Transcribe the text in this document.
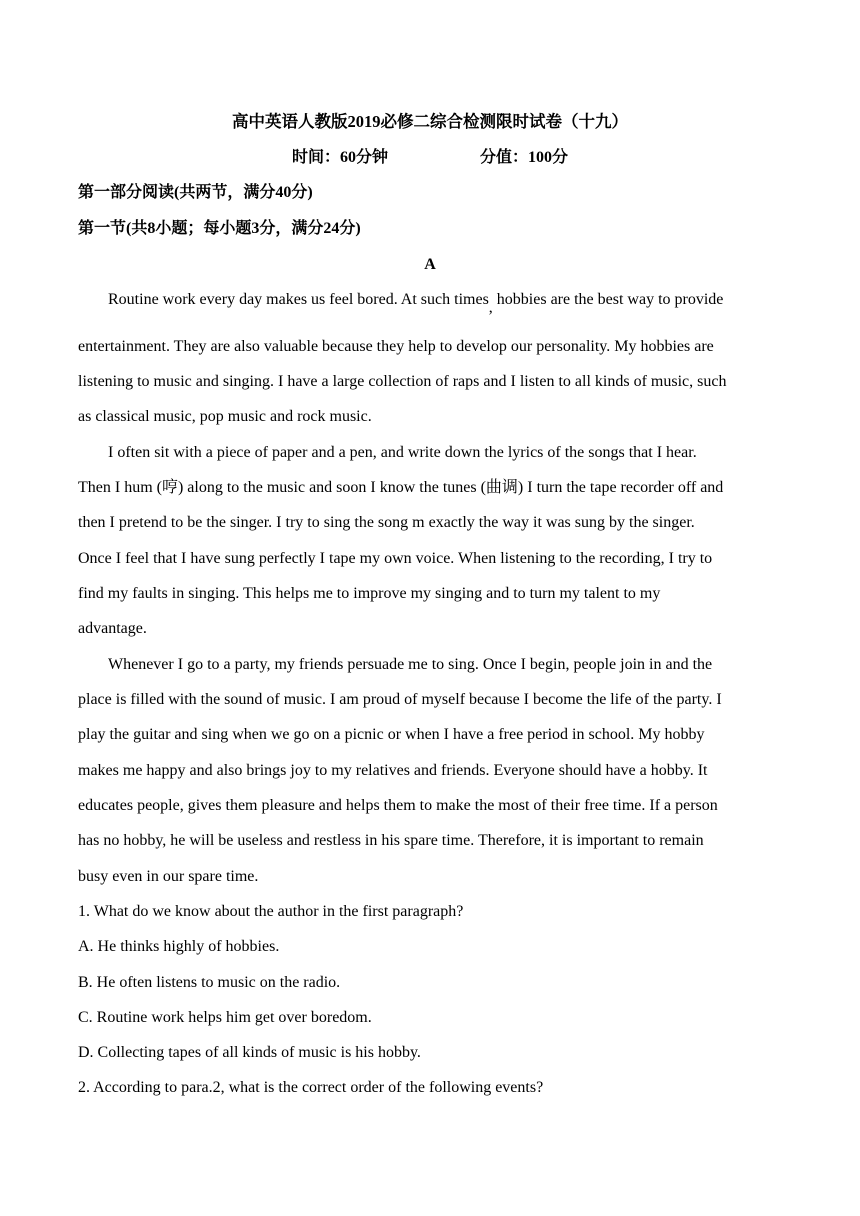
高中英语人教版2019必修二综合检测限时试卷（十九）
时间：60分钟	分值：100分
第一部分阅读(共两节，满分40分)
第一节(共8小题；每小题3分，满分24分)
A
Routine work every day makes us feel bored. At such times, hobbies are the best way to provide
entertainment. They are also valuable because they help to develop our personality. My hobbies are
listening to music and singing. I have a large collection of raps and I listen to all kinds of music, such
as classical music, pop music and rock music.
I often sit with a piece of paper and a pen, and write down the lyrics of the songs that I hear.
Then I hum (哼) along to the music and soon I know the tunes (曲调) I turn the tape recorder off and
then I pretend to be the singer. I try to sing the song m exactly the way it was sung by the singer.
Once I feel that I have sung perfectly I tape my own voice. When listening to the recording, I try to
find my faults in singing. This helps me to improve my singing and to turn my talent to my
advantage.
Whenever I go to a party, my friends persuade me to sing. Once I begin, people join in and the
place is filled with the sound of music. I am proud of myself because I become the life of the party. I
play the guitar and sing when we go on a picnic or when I have a free period in school. My hobby
makes me happy and also brings joy to my relatives and friends. Everyone should have a hobby. It
educates people, gives them pleasure and helps them to make the most of their free time. If a person
has no hobby, he will be useless and restless in his spare time. Therefore, it is important to remain
busy even in our spare time.
1. What do we know about the author in the first paragraph?
A. He thinks highly of hobbies.
B. He often listens to music on the radio.
C. Routine work helps him get over boredom.
D. Collecting tapes of all kinds of music is his hobby.
2. According to para.2, what is the correct order of the following events?
